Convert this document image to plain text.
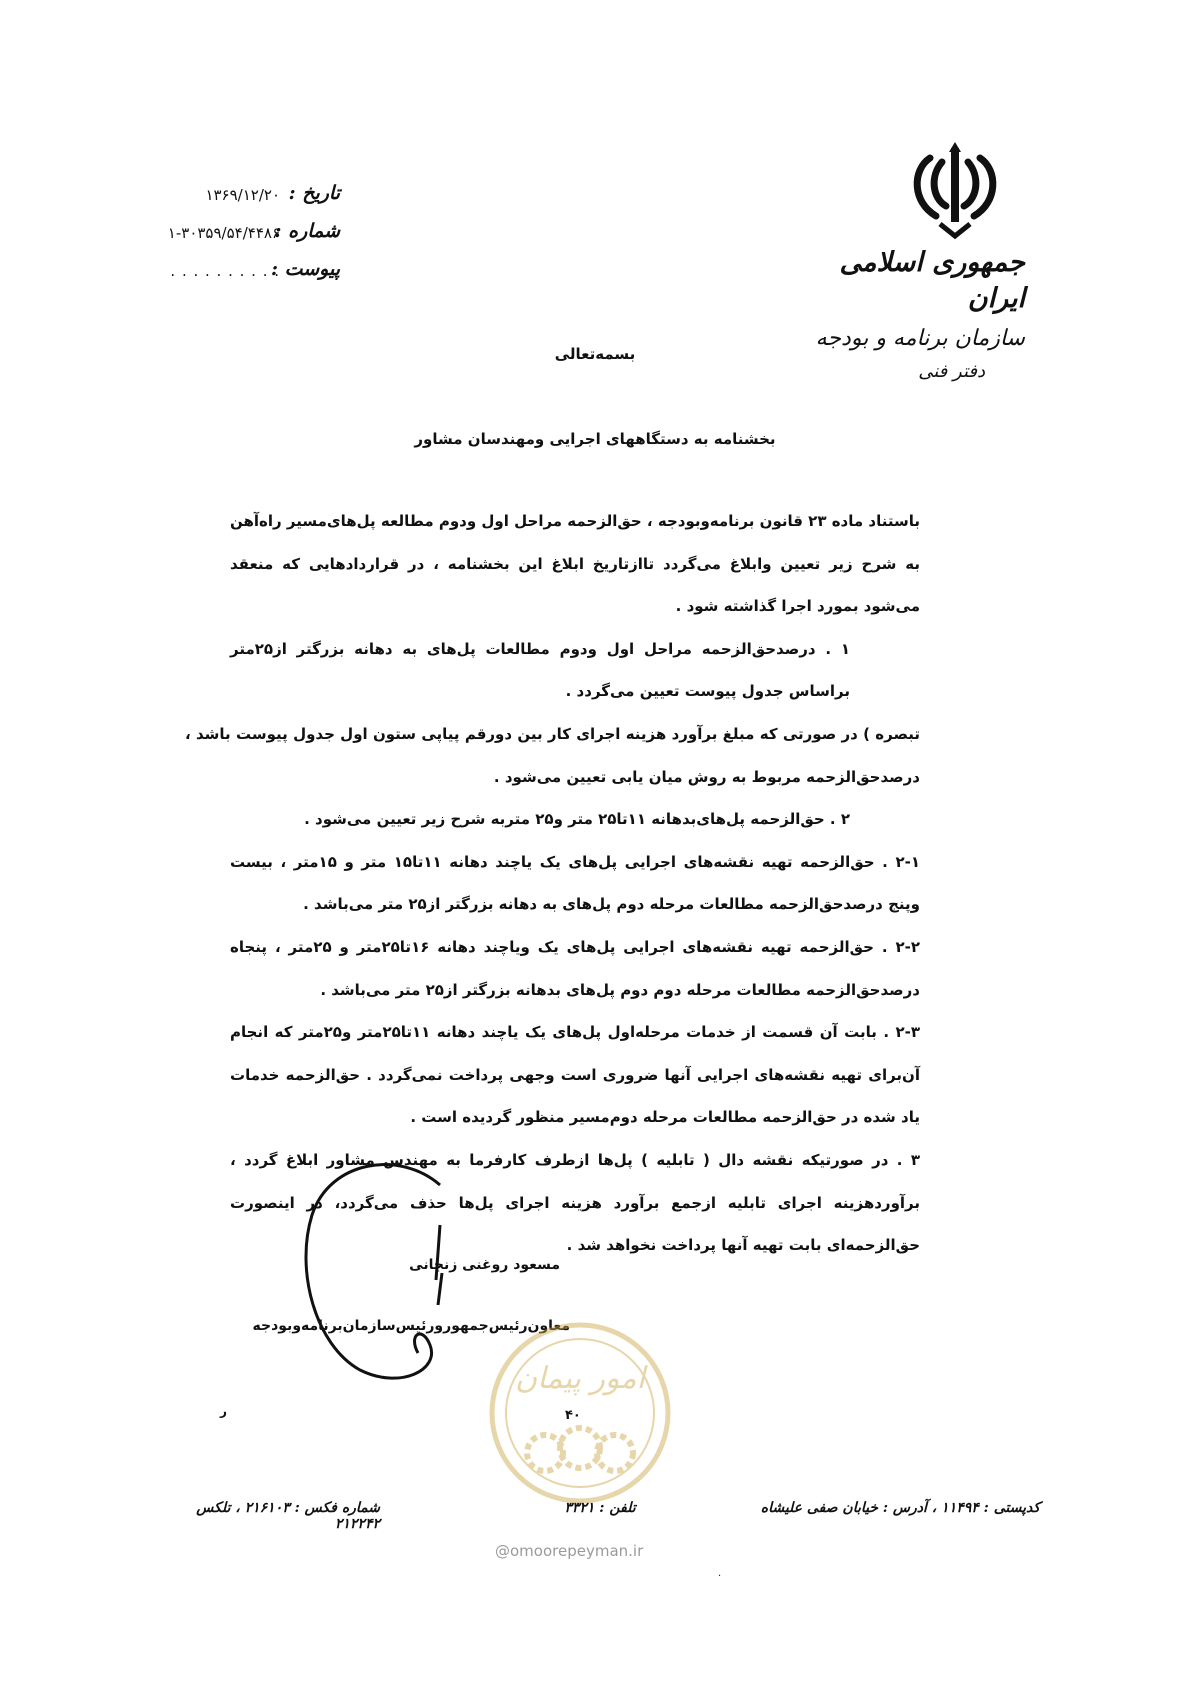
جمهوری اسلامی ایران
سازمان برنامه و بودجه
دفتر فنی
تاریخ :
۱۳۶۹/۱۲/۲۰
شماره :
۱-۳۰۳۵۹/۵۴/۴۴۸۶
پیوست :
. . . . . . . . . .
بسمه‌تعالی
بخشنامه به دستگاههای اجرایی ومهندسان مشاور

باستناد ماده ۲۳ قانون برنامه‌وبودجه ، حق‌الزحمه مراحل اول ودوم مطالعه پل‌های‌مسیر راه‌آهن به شرح زیر تعیین وابلاغ می‌گردد تاازتاریخ ابلاغ این بخشنامه ، در قراردادهایی که منعقد می‌شود بمورد اجرا گذاشته شود .

۱ . درصدحق‌الزحمه مراحل اول ودوم مطالعات پل‌های به دهانه بزرگتر از۲۵متر براساس جدول پیوست تعیین می‌گردد .

تبصره ) در صورتی که مبلغ برآورد هزینه اجرای کار بین دورقم پیاپی ستون اول جدول پیوست باشد ، درصدحق‌الزحمه مربوط به روش میان یابی تعیین می‌شود .

۲ . حق‌الزحمه پل‌های‌بدهانه ۱۱تا۲۵ متر و۲۵ متربه شرح زیر تعیین می‌شود .

۲-۱ . حق‌الزحمه تهیه نقشه‌های اجرایی پل‌های یک یاچند دهانه ۱۱تا۱۵ متر و ۱۵متر ، بیست وپنج درصدحق‌الزحمه مطالعات مرحله دوم پل‌های به دهانه بزرگتر از۲۵ متر می‌باشد .

۲-۲ . حق‌الزحمه تهیه نقشه‌های اجرایی پل‌های یک ویاچند دهانه ۱۶تا۲۵متر و ۲۵متر ، پنجاه درصدحق‌الزحمه مطالعات مرحله دوم دوم پل‌های بدهانه بزرگتر از۲۵ متر می‌باشد .

۲-۳ . بابت آن قسمت از خدمات مرحله‌اول پل‌های یک یاچند دهانه ۱۱تا۲۵متر و۲۵متر که انجام آن‌برای تهیه نقشه‌های اجرایی آنها ضروری است وجهی پرداخت نمی‌گردد . حق‌الزحمه خدمات یاد شده در حق‌الزحمه مطالعات مرحله دوم‌مسیر منظور گردیده است .

۳ . در صورتیکه نقشه دال ( تابلیه ) پل‌ها ازطرف کارفرما به مهندس مشاور ابلاغ گردد ، برآوردهزینه اجرای تابلیه ازجمع برآورد هزینه اجرای پل‌ها حذف می‌گردد، در اینصورت حق‌الزحمه‌ای بابت تهیه آنها پرداخت نخواهد شد .

مسعود روغنی زنجانی
معاون‌رئیس‌جمهورورئیس‌سازمان‌برنامه‌وبودجه
امور پیمان
۴۰
ر
@omoorepeyman.ir
.
شماره فکس : ۲۱۶۱۰۳ ، تلکس ۲۱۲۲۴۲
تلفن : ۳۳۲۱	کدپستی : ۱۱۴۹۴ ، آدرس : خیابان صفی علیشاه
